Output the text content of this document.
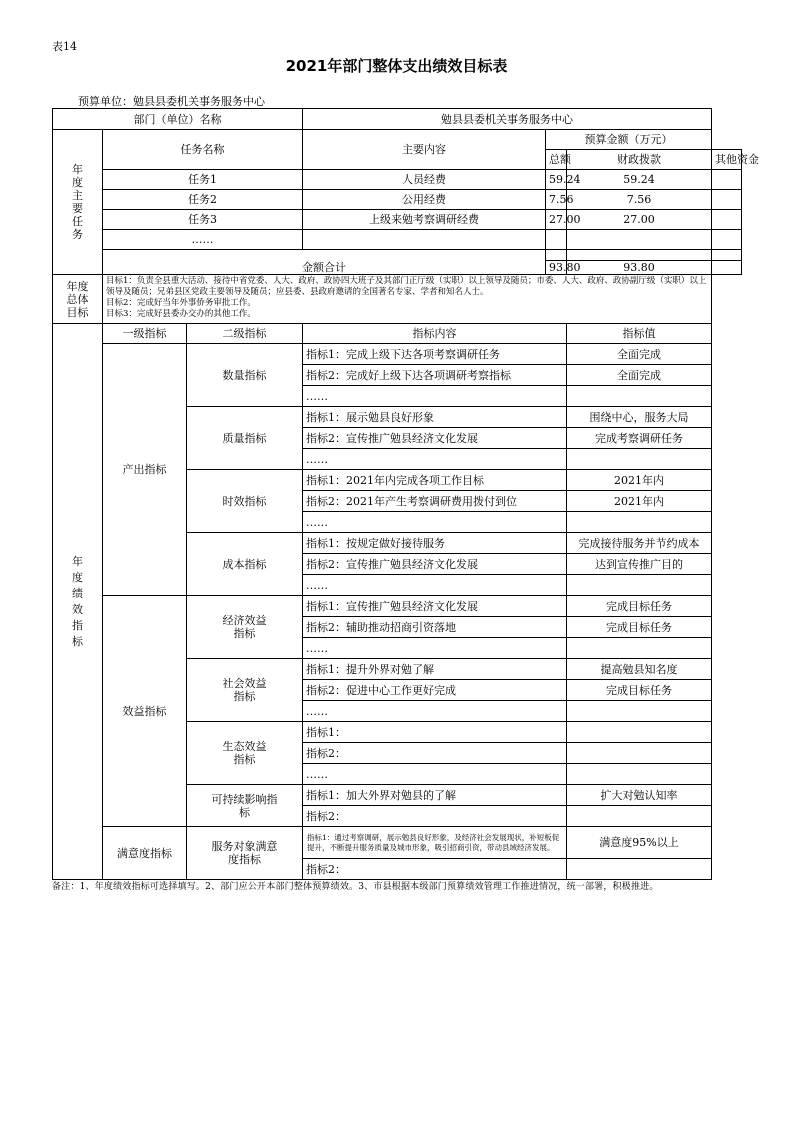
表14
2021年部门整体支出绩效目标表
预算单位：勉县县委机关事务服务中心
部门（单位）名称			勉县县委机关事务服务中心			
年度主要任务	任务名称		主要内容	预算金额（万元）		
				总额	财政拨款	其他资金
	任务1		人员经费	59.24	59.24	
	任务2		公用经费	7.56	7.56	
	任务3		上级来勉考察调研经费	27.00	27.00	
	……					

	金额合计			93.80	93.80	
年度总体目标	目标1：负责全县重大活动、接待中省党委、人大、政府、政协四大班子及其部门正厅级（实职）以上领导及随员；市委、人大、政府、政协副厅级（实职）以上领导及随员；兄弟县区党政主要领导及随员；应县委、县政府邀请的全国著名专家、学者和知名人士。
目标2：完成好当年外事侨务审批工作。
目标3：完成好县委办交办的其他工作。					

年度绩效指标	一级指标	二级指标	指标内容		指标值	
	产出指标	数量指标	指标1：完成上级下达各项考察调研任务		全面完成	
			指标2：完成好上级下达各项调研考察指标		全面完成	
			……			
		质量指标	指标1：展示勉县良好形象		围绕中心，服务大局	
			指标2：宣传推广勉县经济文化发展		完成考察调研任务	
			……			
		时效指标	指标1：2021年内完成各项工作目标		2021年内	
			指标2：2021年产生考察调研费用拨付到位		2021年内	
			……			
		成本指标	指标1：按规定做好接待服务		完成接待服务并节约成本	
			指标2：宣传推广勉县经济文化发展		达到宣传推广目的	
			……			
	效益指标	经济效益指标	指标1：宣传推广勉县经济文化发展		完成目标任务	
			指标2：辅助推动招商引资落地		完成目标任务	
			……			

		社会效益指标	指标1：提升外界对勉了解		提高勉县知名度	
			指标2：促进中心工作更好完成		完成目标任务	
			……			

		生态效益指标	指标1：			
			指标2：			
			……			

		可持续影响指标	指标1：加大外界对勉县的了解		扩大对勉认知率	
			指标2：			
	满意度指标	服务对象满意度指标	指标1：通过考察调研，展示勉县良好形象，及经济社会发展现状，补短板促提升，不断提升服务质量及城市形象，吸引招商引资，带动县域经济发展。		满意度95%以上	
			指标2：			
备注：1、年度绩效指标可选择填写。2、部门应公开本部门整体预算绩效。3、市县根据本级部门预算绩效管理工作推进情况，统一部署，积极推进。
